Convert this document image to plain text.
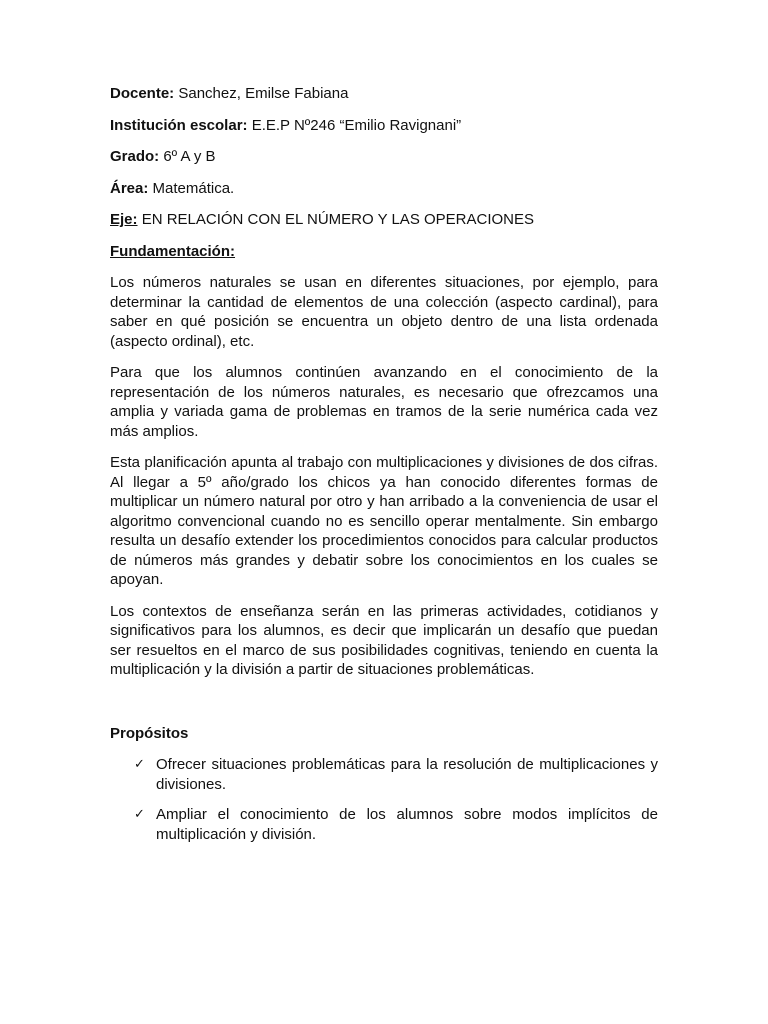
Docente: Sanchez, Emilse Fabiana

Institución escolar: E.E.P Nº246 “Emilio Ravignani”

Grado: 6º A y B

Área: Matemática.

Eje: EN RELACIÓN CON EL NÚMERO Y LAS OPERACIONES

Fundamentación:

Los números naturales se usan en diferentes situaciones, por ejemplo, para determinar la cantidad de elementos de una colección (aspecto cardinal), para saber en qué posición se encuentra un objeto dentro de una lista ordenada (aspecto ordinal), etc.

Para que los alumnos continúen avanzando en el conocimiento de la representación de los números naturales, es necesario que ofrezcamos una amplia y variada gama de problemas en tramos de la serie numérica cada vez más amplios.

Esta planificación apunta al trabajo con multiplicaciones y divisiones de dos cifras. Al llegar a 5º año/grado los chicos ya han conocido diferentes formas de multiplicar un número natural por otro y han arribado a la conveniencia de usar el algoritmo convencional cuando no es sencillo operar mentalmente. Sin embargo resulta un desafío extender los procedimientos conocidos para calcular productos de números más grandes y debatir sobre los conocimientos en los cuales se apoyan.

Los contextos de enseñanza serán en las primeras actividades, cotidianos y significativos para los alumnos, es decir que implicarán un desafío que puedan ser resueltos en el marco de sus posibilidades cognitivas, teniendo en cuenta la multiplicación y la división a partir de situaciones problemáticas.

Propósitos

✓ Ofrecer situaciones problemáticas para la resolución de multiplicaciones y divisiones.
✓ Ampliar el conocimiento de los alumnos sobre modos implícitos de multiplicación y división.
